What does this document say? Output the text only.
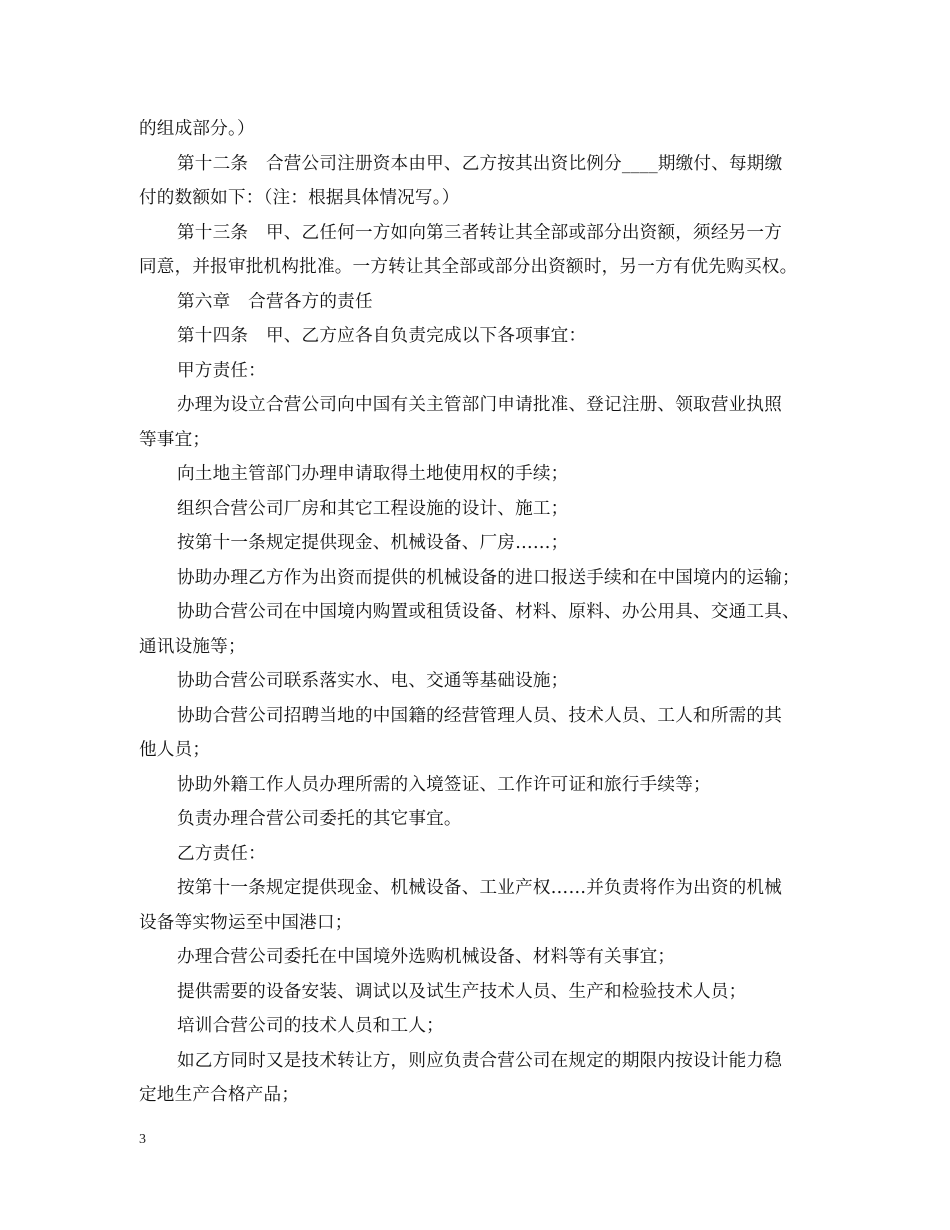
的组成部分。）
第十二条　合营公司注册资本由甲、乙方按其出资比例分____期缴付、每期缴
付的数额如下：（注：根据具体情况写。）
第十三条　甲、乙任何一方如向第三者转让其全部或部分出资额，须经另一方
同意，并报审批机构批准。一方转让其全部或部分出资额时，另一方有优先购买权。
第六章　合营各方的责任
第十四条　甲、乙方应各自负责完成以下各项事宜：
甲方责任：
办理为设立合营公司向中国有关主管部门申请批准、登记注册、领取营业执照
等事宜；
向土地主管部门办理申请取得土地使用权的手续；
组织合营公司厂房和其它工程设施的设计、施工；
按第十一条规定提供现金、机械设备、厂房……；
协助办理乙方作为出资而提供的机械设备的进口报送手续和在中国境内的运输；
协助合营公司在中国境内购置或租赁设备、材料、原料、办公用具、交通工具、
通讯设施等；
协助合营公司联系落实水、电、交通等基础设施；
协助合营公司招聘当地的中国籍的经营管理人员、技术人员、工人和所需的其
他人员；
协助外籍工作人员办理所需的入境签证、工作许可证和旅行手续等；
负责办理合营公司委托的其它事宜。
乙方责任：
按第十一条规定提供现金、机械设备、工业产权……并负责将作为出资的机械
设备等实物运至中国港口；
办理合营公司委托在中国境外选购机械设备、材料等有关事宜；
提供需要的设备安装、调试以及试生产技术人员、生产和检验技术人员；
培训合营公司的技术人员和工人；
如乙方同时又是技术转让方，则应负责合营公司在规定的期限内按设计能力稳
定地生产合格产品；
3
